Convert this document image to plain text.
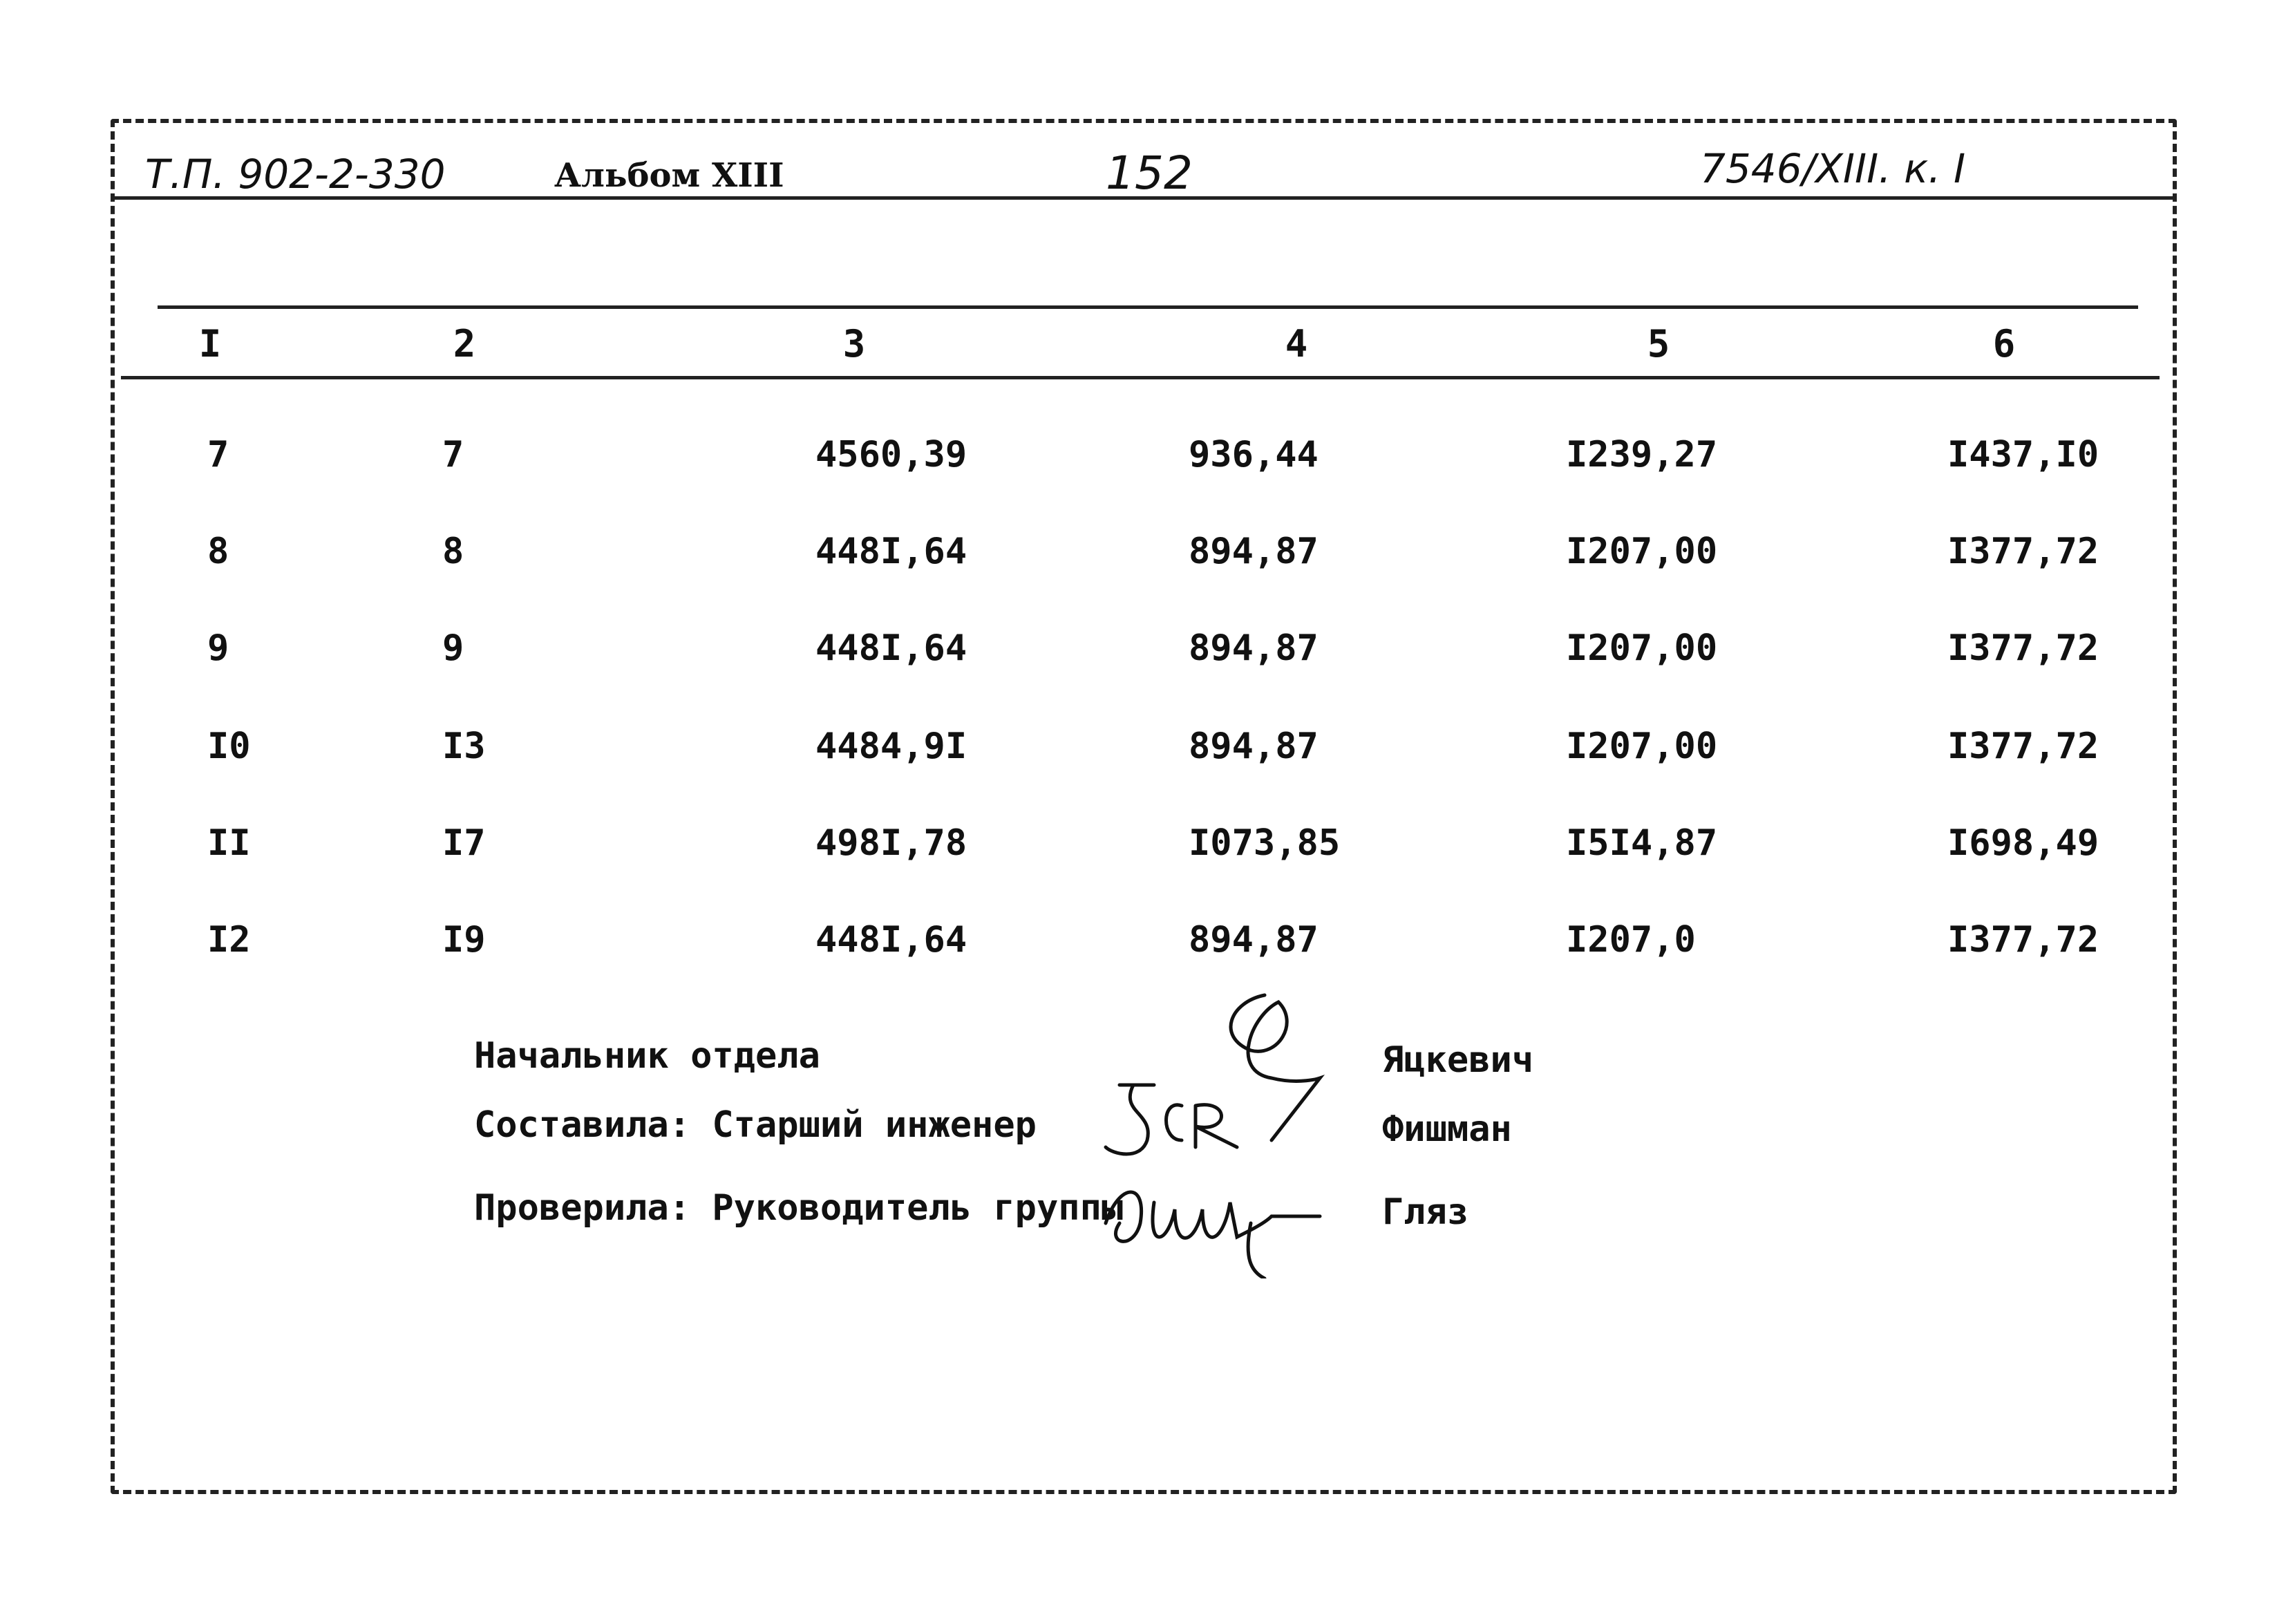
Т.П. 902-2-330	Альбом XIII	152	7546/XIII. к. I
I	2	3	4	5	6
7	7	4560,39	936,44	I239,27	I437,I0
8	8	448I,64	894,87	I207,00	I377,72
9	9	448I,64	894,87	I207,00	I377,72
I0	I3	4484,9I	894,87	I207,00	I377,72
II	I7	498I,78	I073,85	I5I4,87	I698,49
I2	I9	448I,64	894,87	I207,0	I377,72
Начальник отдела
Составила: Старший инженер
Проверила: Руководитель группы
Яцкевич
Фишман
Гляз
